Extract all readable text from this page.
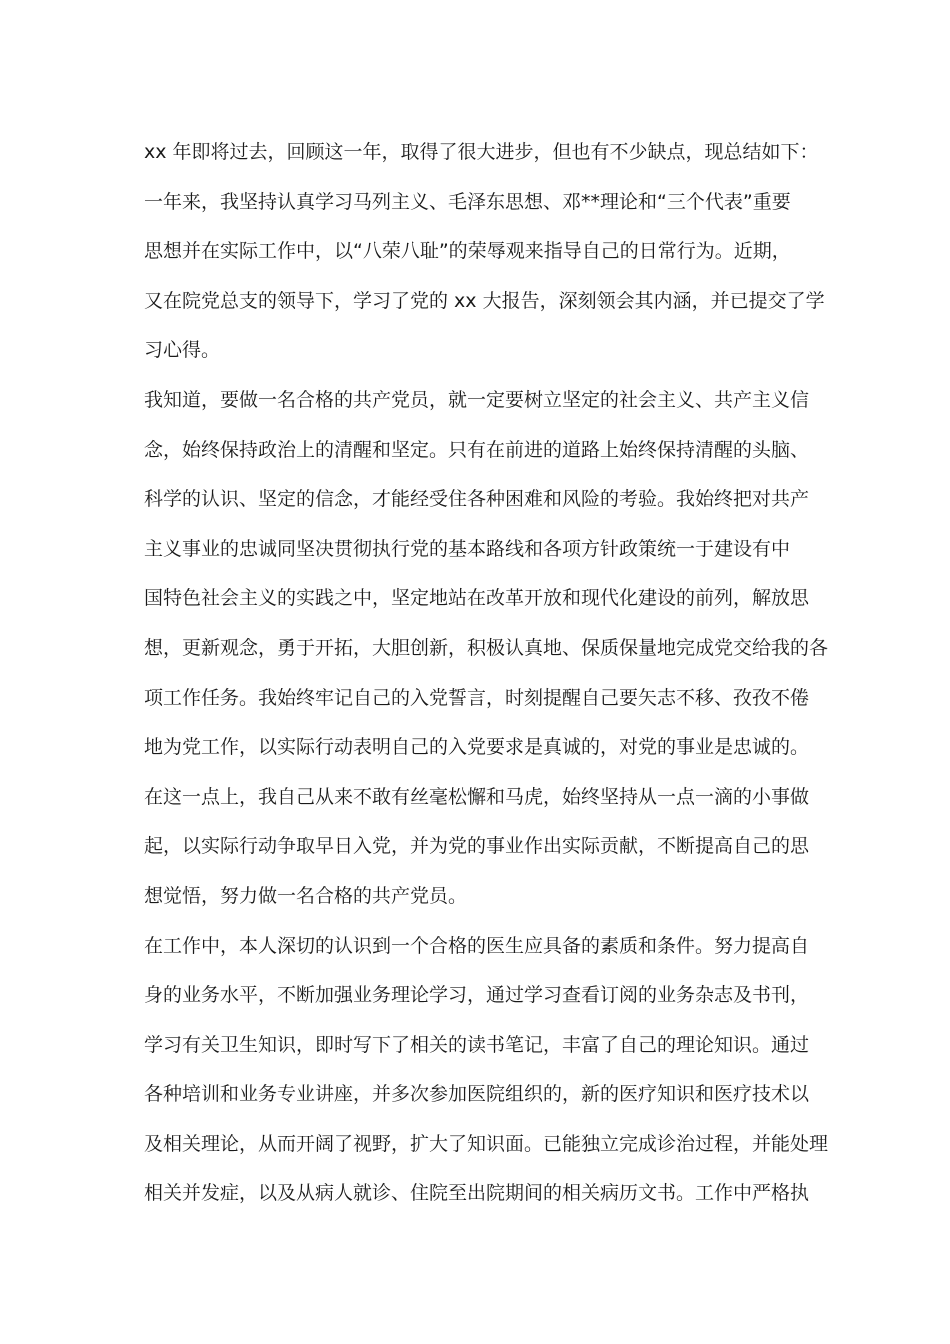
xx 年即将过去，回顾这一年，取得了很大进步，但也有不少缺点，现总结如下：
一年来，我坚持认真学习马列主义、毛泽东思想、邓**理论和“三个代表”重要
思想并在实际工作中，以“八荣八耻”的荣辱观来指导自己的日常行为。近期，
又在院党总支的领导下，学习了党的 xx 大报告，深刻领会其内涵，并已提交了学
习心得。
我知道，要做一名合格的共产党员，就一定要树立坚定的社会主义、共产主义信
念，始终保持政治上的清醒和坚定。只有在前进的道路上始终保持清醒的头脑、
科学的认识、坚定的信念，才能经受住各种困难和风险的考验。我始终把对共产
主义事业的忠诚同坚决贯彻执行党的基本路线和各项方针政策统一于建设有中
国特色社会主义的实践之中，坚定地站在改革开放和现代化建设的前列，解放思
想，更新观念，勇于开拓，大胆创新，积极认真地、保质保量地完成党交给我的各
项工作任务。我始终牢记自己的入党誓言，时刻提醒自己要矢志不移、孜孜不倦
地为党工作，以实际行动表明自己的入党要求是真诚的，对党的事业是忠诚的。
在这一点上，我自己从来不敢有丝毫松懈和马虎，始终坚持从一点一滴的小事做
起，以实际行动争取早日入党，并为党的事业作出实际贡献，不断提高自己的思
想觉悟，努力做一名合格的共产党员。
在工作中，本人深切的认识到一个合格的医生应具备的素质和条件。努力提高自
身的业务水平，不断加强业务理论学习，通过学习查看订阅的业务杂志及书刊，
学习有关卫生知识，即时写下了相关的读书笔记，丰富了自己的理论知识。通过
各种培训和业务专业讲座，并多次参加医院组织的，新的医疗知识和医疗技术以
及相关理论，从而开阔了视野，扩大了知识面。已能独立完成诊治过程，并能处理
相关并发症，以及从病人就诊、住院至出院期间的相关病历文书。工作中严格执
